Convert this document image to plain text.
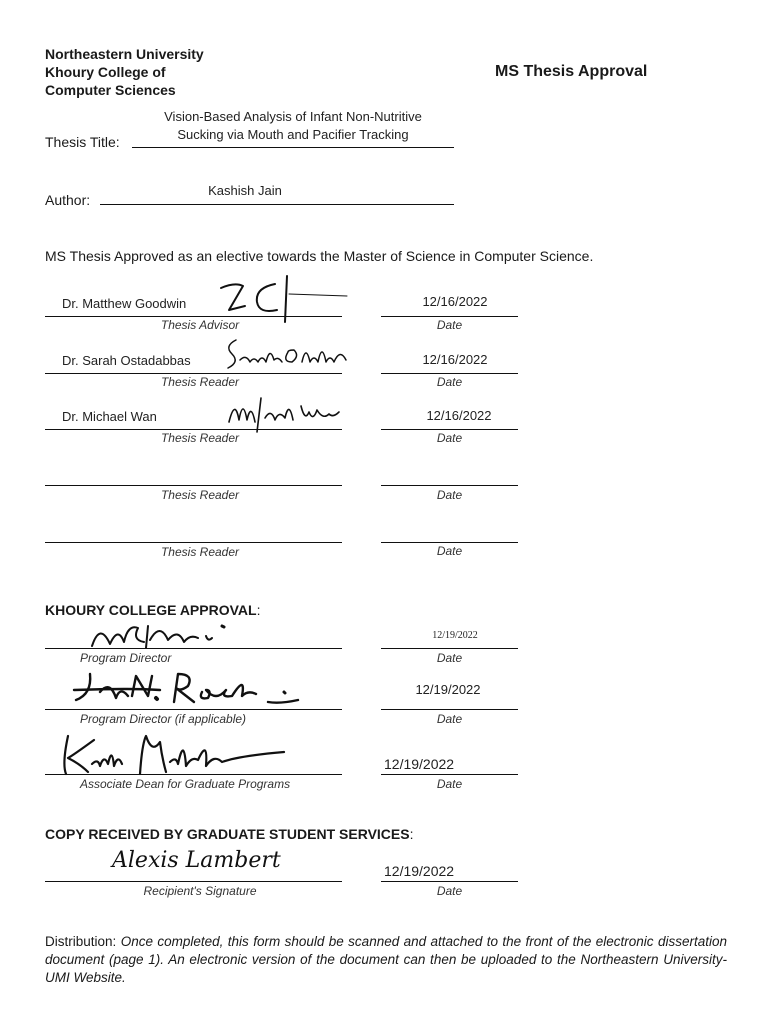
Northeastern University
Khoury College of
Computer Sciences
MS Thesis Approval
Thesis Title:
Vision-Based Analysis of Infant Non-Nutritive
Sucking via Mouth and Pacifier Tracking
Author:
Kashish Jain
MS Thesis Approved as an elective towards the Master of Science in Computer Science.
Dr. Matthew Goodwin
Thesis Advisor
12/16/2022
Date
Dr. Sarah Ostadabbas
Thesis Reader
12/16/2022
Date
Dr. Michael Wan
Thesis Reader
12/16/2022
Date
Thesis Reader	Date
Thesis Reader	Date
KHOURY COLLEGE APPROVAL:
Program Director
12/19/2022
Date
Program Director (if applicable)
12/19/2022
Date
Associate Dean for Graduate Programs
12/19/2022
Date
COPY RECEIVED BY GRADUATE STUDENT SERVICES:
Alexis Lambert
Recipient's Signature
12/19/2022
Date
Distribution: Once completed, this form should be scanned and attached to the front of the electronic dissertation document (page 1). An electronic version of the document can then be uploaded to the Northeastern University-UMI Website.
